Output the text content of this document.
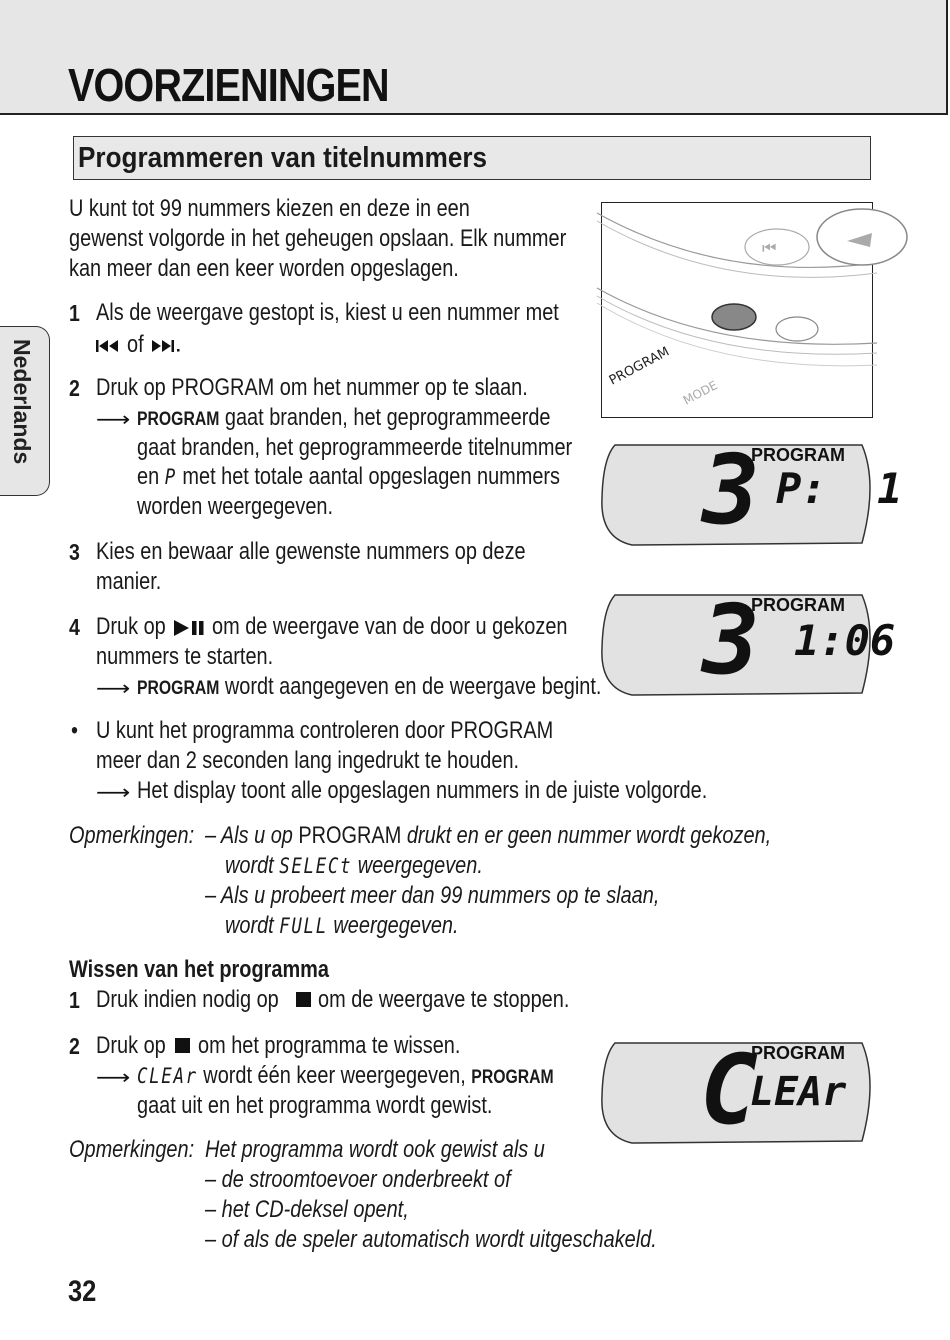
VOORZIENINGEN
Programmeren van titelnummers
Nederlands

U kunt tot 99 nummers kiezen en deze in een

gewenst volgorde in het geheugen opslaan. Elk nummer

kan meer dan een keer worden opgeslagen.

1 Als de weergave gestopt is, kiest u een nummer met

of

2 Druk op PROGRAM om het nummer op te slaan.

⟶ PROGRAM gaat branden, het geprogrammeerde

gaat branden, het geprogrammeerde titelnummer

en P met het totale aantal opgeslagen nummers

worden weergegeven.

3 Kies en bewaar alle gewenste nummers op deze

manier.

4 Druk op om de weergave van de door u gekozen

nummers te starten.

⟶ PROGRAM wordt aangegeven en de weergave begint.

• U kunt het programma controleren door PROGRAM

meer dan 2 seconden lang ingedrukt te houden.

⟶ Het display toont alle opgeslagen nummers in de juiste volgorde.

Opmerkingen: – Als u op PROGRAM drukt en er geen nummer wordt gekozen,

wordt SELECt weergegeven.

– Als u probeert meer dan 99 nummers op te slaan,

wordt FULL weergegeven.

Wissen van het programma

1 Druk indien nodig op om de weergave te stoppen.

2 Druk op om het programma te wissen.

⟶ CLEAr wordt één keer weergegeven, PROGRAM

gaat uit en het programma wordt gewist.

Opmerkingen: Het programma wordt ook gewist als u

– de stroomtoevoer onderbreekt of

– het CD-deksel opent,

– of als de speler automatisch wordt uitgeschakeld.

32

⏮
PROGRAM
MODE
3
PROGRAM
P:  1
3
PROGRAM
1:06
C
PROGRAM
LEAr
